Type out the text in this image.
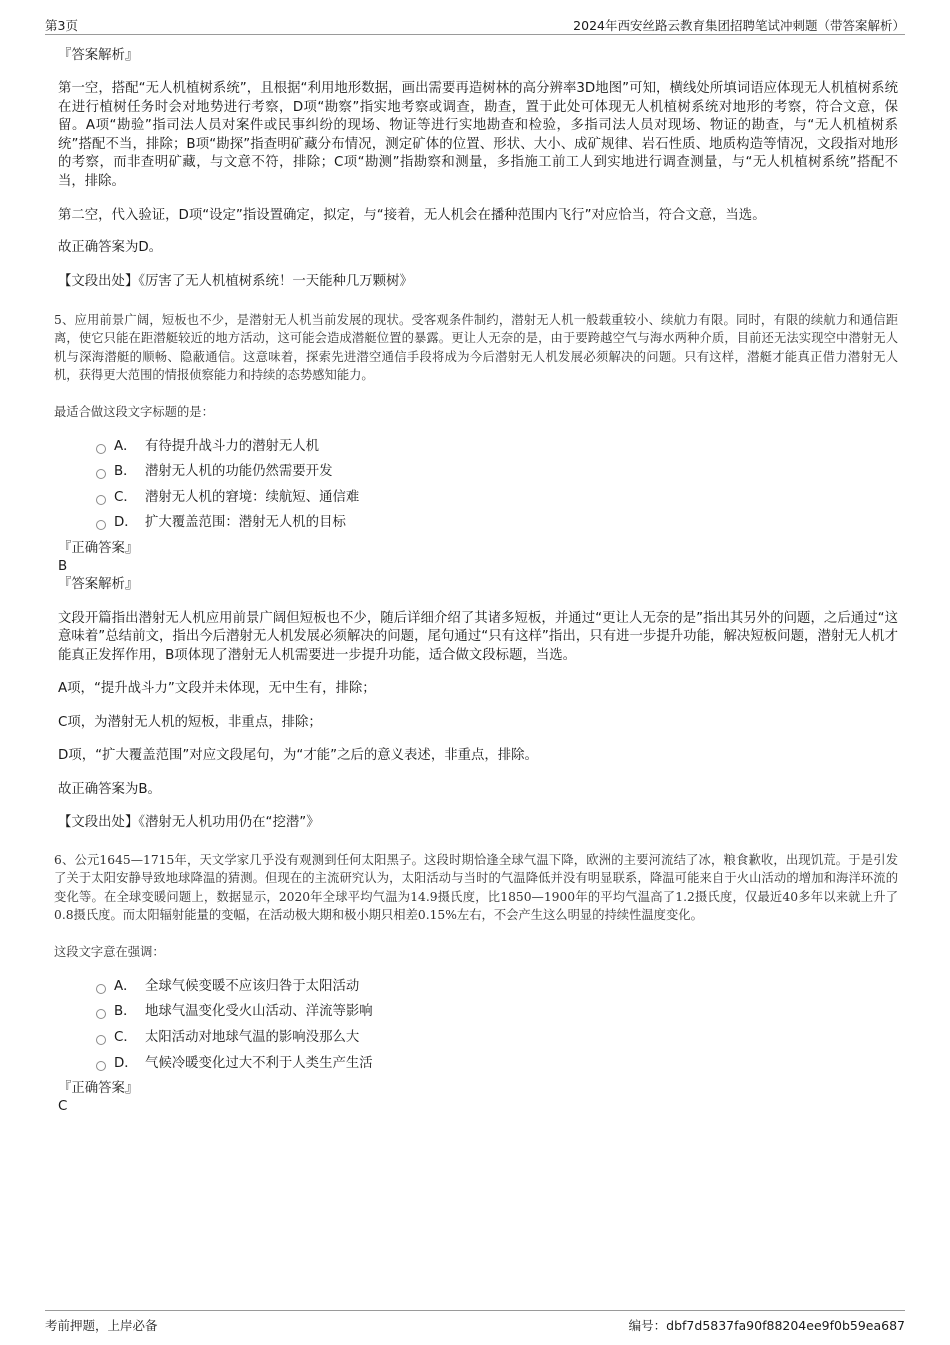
第3页	2024年西安丝路云教育集团招聘笔试冲刺题（带答案解析）

『答案解析』

第一空，搭配“无人机植树系统”，且根据“利用地形数据，画出需要再造树林的高分辨率3D地图”可知，横线处所填词语应体现无人机植树系统在进行植树任务时会对地势进行考察，D项“勘察”指实地考察或调查，勘查，置于此处可体现无人机植树系统对地形的考察，符合文意，保留。A项“勘验”指司法人员对案件或民事纠纷的现场、物证等进行实地勘查和检验，多指司法人员对现场、物证的勘查，与“无人机植树系统”搭配不当，排除；B项“勘探”指查明矿藏分布情况，测定矿体的位置、形状、大小、成矿规律、岩石性质、地质构造等情况，文段指对地形的考察，而非查明矿藏，与文意不符，排除；C项“勘测”指勘察和测量，多指施工前工人到实地进行调查测量，与“无人机植树系统”搭配不当，排除。

第二空，代入验证，D项“设定”指设置确定，拟定，与“接着，无人机会在播种范围内飞行”对应恰当，符合文意，当选。

故正确答案为D。

【文段出处】《厉害了无人机植树系统！一天能种几万颗树》

5、应用前景广阔，短板也不少，是潜射无人机当前发展的现状。受客观条件制约，潜射无人机一般载重较小、续航力有限。同时，有限的续航力和通信距离，使它只能在距潜艇较近的地方活动，这可能会造成潜艇位置的暴露。更让人无奈的是，由于要跨越空气与海水两种介质，目前还无法实现空中潜射无人机与深海潜艇的顺畅、隐蔽通信。这意味着，探索先进潜空通信手段将成为今后潜射无人机发展必须解决的问题。只有这样，潜艇才能真正借力潜射无人机，获得更大范围的情报侦察能力和持续的态势感知能力。

最适合做这段文字标题的是：

A． 有待提升战斗力的潜射无人机
B． 潜射无人机的功能仍然需要开发
C． 潜射无人机的窘境：续航短、通信难
D． 扩大覆盖范围：潜射无人机的目标

『正确答案』

B

『答案解析』

文段开篇指出潜射无人机应用前景广阔但短板也不少，随后详细介绍了其诸多短板，并通过“更让人无奈的是”指出其另外的问题，之后通过“这意味着”总结前文，指出今后潜射无人机发展必须解决的问题，尾句通过“只有这样”指出，只有进一步提升功能，解决短板问题，潜射无人机才能真正发挥作用，B项体现了潜射无人机需要进一步提升功能，适合做文段标题，当选。

A项，“提升战斗力”文段并未体现，无中生有，排除；

C项，为潜射无人机的短板，非重点，排除；

D项，“扩大覆盖范围”对应文段尾句，为“才能”之后的意义表述，非重点，排除。

故正确答案为B。

【文段出处】《潜射无人机功用仍在“挖潜”》

6、公元1645—1715年，天文学家几乎没有观测到任何太阳黑子。这段时期恰逢全球气温下降，欧洲的主要河流结了冰，粮食歉收，出现饥荒。于是引发了关于太阳安静导致地球降温的猜测。但现在的主流研究认为，太阳活动与当时的气温降低并没有明显联系，降温可能来自于火山活动的增加和海洋环流的变化等。在全球变暖问题上，数据显示，2020年全球平均气温为14.9摄氏度，比1850—1900年的平均气温高了1.2摄氏度，仅最近40多年以来就上升了0.8摄氏度。而太阳辐射能量的变幅，在活动极大期和极小期只相差0.15%左右，不会产生这么明显的持续性温度变化。

这段文字意在强调：

A． 全球气候变暖不应该归咎于太阳活动
B． 地球气温变化受火山活动、洋流等影响
C． 太阳活动对地球气温的影响没那么大
D． 气候冷暖变化过大不利于人类生产生活

『正确答案』

C

考前押题，上岸必备	编号：dbf7d5837fa90f88204ee9f0b59ea687
